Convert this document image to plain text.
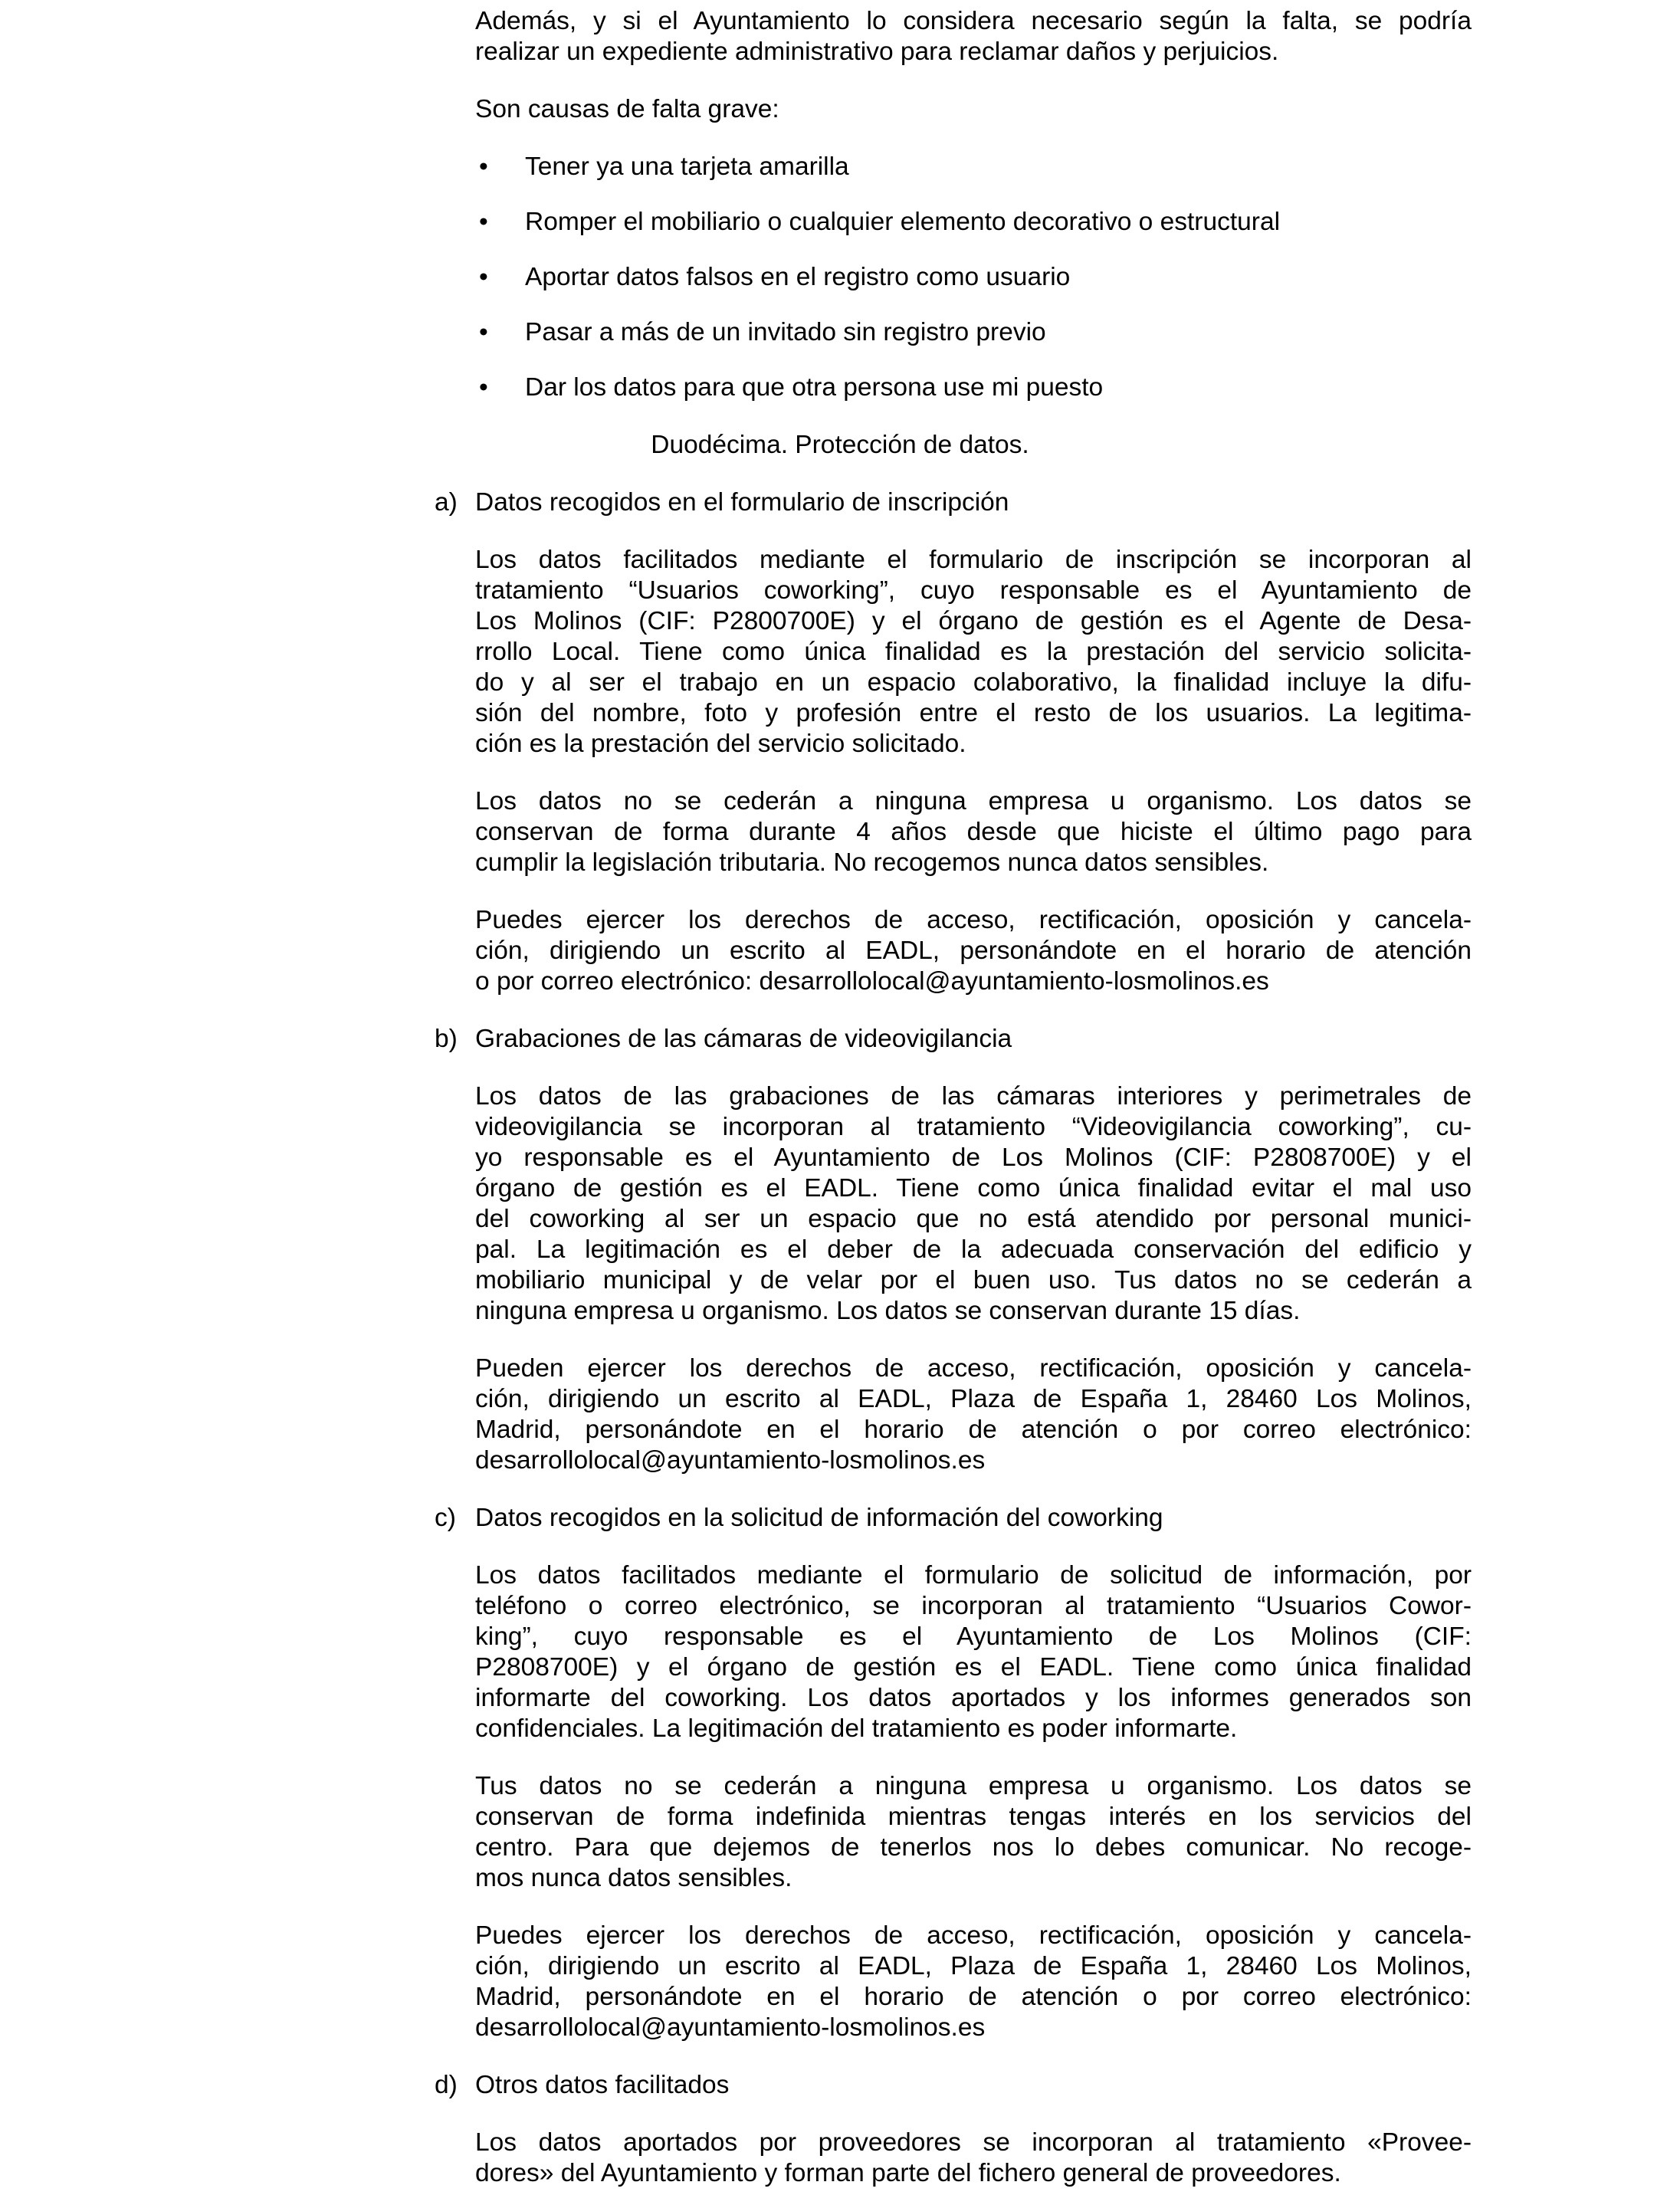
Además, y si el Ayuntamiento lo considera necesario según la falta, se podría
realizar un expediente administrativo para reclamar daños y perjuicios.
Son causas de falta grave:
• Tener ya una tarjeta amarilla
• Romper el mobiliario o cualquier elemento decorativo o estructural
• Aportar datos falsos en el registro como usuario
• Pasar a más de un invitado sin registro previo
• Dar los datos para que otra persona use mi puesto
Duodécima. Protección de datos.
a) Datos recogidos en el formulario de inscripción
Los datos facilitados mediante el formulario de inscripción se incorporan al
tratamiento “Usuarios coworking”, cuyo responsable es el Ayuntamiento de
Los Molinos (CIF: P2800700E) y el órgano de gestión es el Agente de Desa-
rrollo Local. Tiene como única finalidad es la prestación del servicio solicita-
do y al ser el trabajo en un espacio colaborativo, la finalidad incluye la difu-
sión del nombre, foto y profesión entre el resto de los usuarios. La legitima-
ción es la prestación del servicio solicitado.
Los datos no se cederán a ninguna empresa u organismo. Los datos se
conservan de forma durante 4 años desde que hiciste el último pago para
cumplir la legislación tributaria. No recogemos nunca datos sensibles.
Puedes ejercer los derechos de acceso, rectificación, oposición y cancela-
ción, dirigiendo un escrito al EADL, personándote en el horario de atención
o por correo electrónico: desarrollolocal@ayuntamiento-losmolinos.es
b) Grabaciones de las cámaras de videovigilancia
Los datos de las grabaciones de las cámaras interiores y perimetrales de
videovigilancia se incorporan al tratamiento “Videovigilancia coworking”, cu-
yo responsable es el Ayuntamiento de Los Molinos (CIF: P2808700E) y el
órgano de gestión es el EADL. Tiene como única finalidad evitar el mal uso
del coworking al ser un espacio que no está atendido por personal munici-
pal. La legitimación es el deber de la adecuada conservación del edificio y
mobiliario municipal y de velar por el buen uso. Tus datos no se cederán a
ninguna empresa u organismo. Los datos se conservan durante 15 días.
Pueden ejercer los derechos de acceso, rectificación, oposición y cancela-
ción, dirigiendo un escrito al EADL, Plaza de España 1, 28460 Los Molinos,
Madrid, personándote en el horario de atención o por correo electrónico:
desarrollolocal@ayuntamiento-losmolinos.es
c) Datos recogidos en la solicitud de información del coworking
Los datos facilitados mediante el formulario de solicitud de información, por
teléfono o correo electrónico, se incorporan al tratamiento “Usuarios Cowor-
king”, cuyo responsable es el Ayuntamiento de Los Molinos (CIF:
P2808700E) y el órgano de gestión es el EADL. Tiene como única finalidad
informarte del coworking. Los datos aportados y los informes generados son
confidenciales. La legitimación del tratamiento es poder informarte.
Tus datos no se cederán a ninguna empresa u organismo. Los datos se
conservan de forma indefinida mientras tengas interés en los servicios del
centro. Para que dejemos de tenerlos nos lo debes comunicar. No recoge-
mos nunca datos sensibles.
Puedes ejercer los derechos de acceso, rectificación, oposición y cancela-
ción, dirigiendo un escrito al EADL, Plaza de España 1, 28460 Los Molinos,
Madrid, personándote en el horario de atención o por correo electrónico:
desarrollolocal@ayuntamiento-losmolinos.es
d) Otros datos facilitados
Los datos aportados por proveedores se incorporan al tratamiento «Provee-
dores» del Ayuntamiento y forman parte del fichero general de proveedores.
